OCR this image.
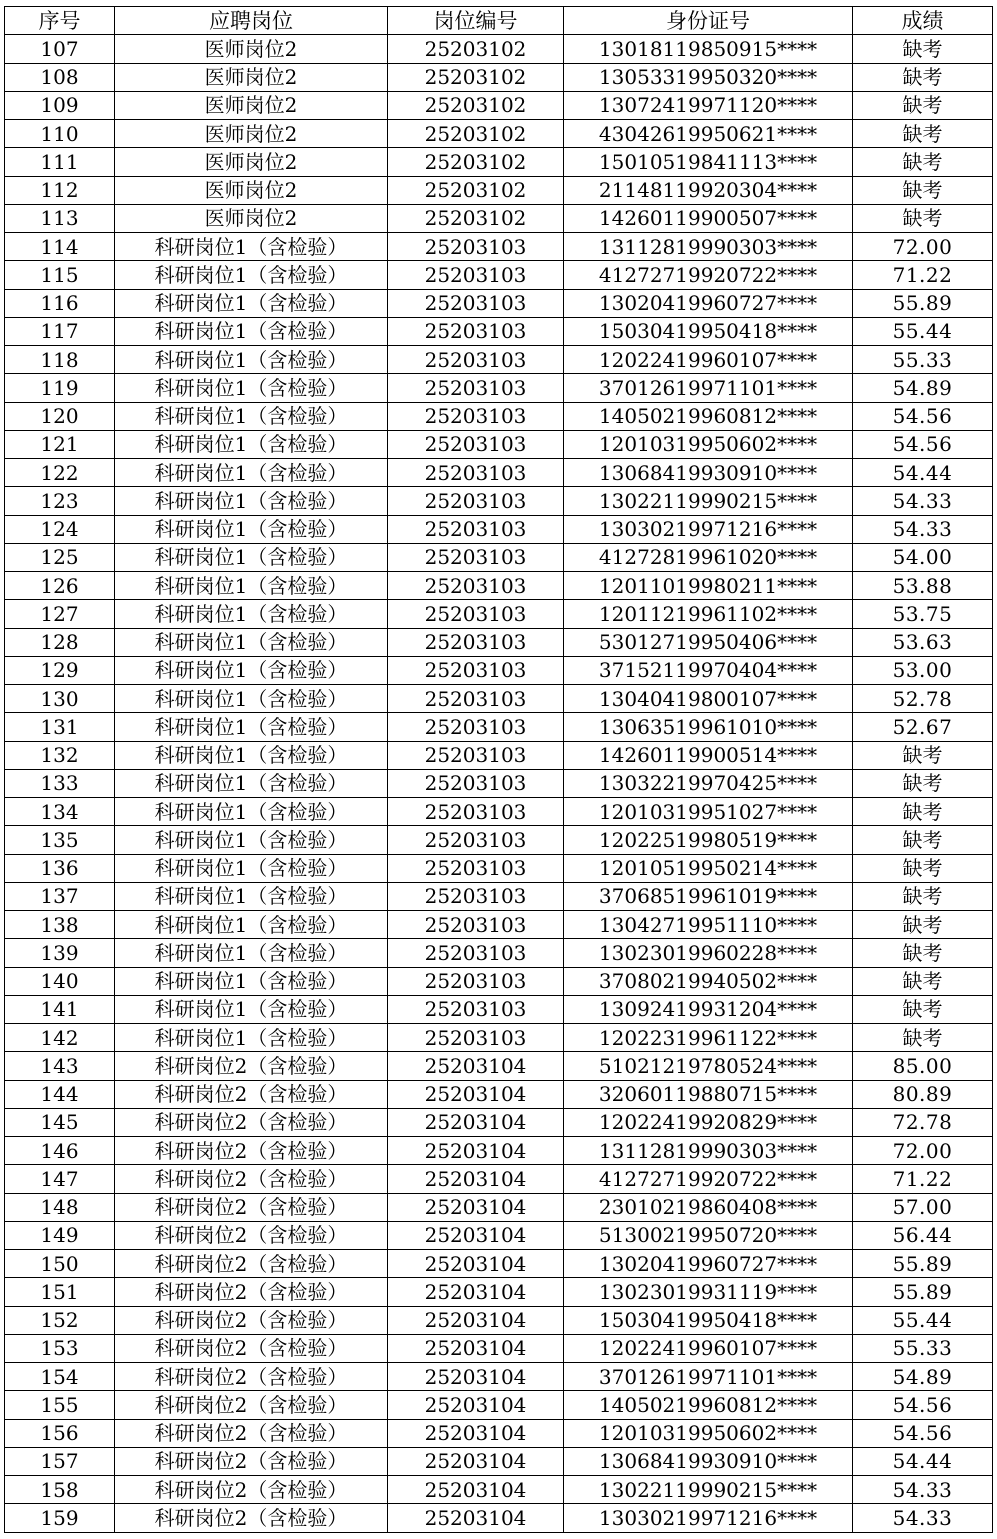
序号	应聘岗位	岗位编号	身份证号	成绩
107	医师岗位2	25203102	13018119850915****	缺考
108	医师岗位2	25203102	13053319950320****	缺考
109	医师岗位2	25203102	13072419971120****	缺考
110	医师岗位2	25203102	43042619950621****	缺考
111	医师岗位2	25203102	15010519841113****	缺考
112	医师岗位2	25203102	21148119920304****	缺考
113	医师岗位2	25203102	14260119900507****	缺考
114	科研岗位1（含检验）	25203103	13112819990303****	72.00
115	科研岗位1（含检验）	25203103	41272719920722****	71.22
116	科研岗位1（含检验）	25203103	13020419960727****	55.89
117	科研岗位1（含检验）	25203103	15030419950418****	55.44
118	科研岗位1（含检验）	25203103	12022419960107****	55.33
119	科研岗位1（含检验）	25203103	37012619971101****	54.89
120	科研岗位1（含检验）	25203103	14050219960812****	54.56
121	科研岗位1（含检验）	25203103	12010319950602****	54.56
122	科研岗位1（含检验）	25203103	13068419930910****	54.44
123	科研岗位1（含检验）	25203103	13022119990215****	54.33
124	科研岗位1（含检验）	25203103	13030219971216****	54.33
125	科研岗位1（含检验）	25203103	41272819961020****	54.00
126	科研岗位1（含检验）	25203103	12011019980211****	53.88
127	科研岗位1（含检验）	25203103	12011219961102****	53.75
128	科研岗位1（含检验）	25203103	53012719950406****	53.63
129	科研岗位1（含检验）	25203103	37152119970404****	53.00
130	科研岗位1（含检验）	25203103	13040419800107****	52.78
131	科研岗位1（含检验）	25203103	13063519961010****	52.67
132	科研岗位1（含检验）	25203103	14260119900514****	缺考
133	科研岗位1（含检验）	25203103	13032219970425****	缺考
134	科研岗位1（含检验）	25203103	12010319951027****	缺考
135	科研岗位1（含检验）	25203103	12022519980519****	缺考
136	科研岗位1（含检验）	25203103	12010519950214****	缺考
137	科研岗位1（含检验）	25203103	37068519961019****	缺考
138	科研岗位1（含检验）	25203103	13042719951110****	缺考
139	科研岗位1（含检验）	25203103	13023019960228****	缺考
140	科研岗位1（含检验）	25203103	37080219940502****	缺考
141	科研岗位1（含检验）	25203103	13092419931204****	缺考
142	科研岗位1（含检验）	25203103	12022319961122****	缺考
143	科研岗位2（含检验）	25203104	51021219780524****	85.00
144	科研岗位2（含检验）	25203104	32060119880715****	80.89
145	科研岗位2（含检验）	25203104	12022419920829****	72.78
146	科研岗位2（含检验）	25203104	13112819990303****	72.00
147	科研岗位2（含检验）	25203104	41272719920722****	71.22
148	科研岗位2（含检验）	25203104	23010219860408****	57.00
149	科研岗位2（含检验）	25203104	51300219950720****	56.44
150	科研岗位2（含检验）	25203104	13020419960727****	55.89
151	科研岗位2（含检验）	25203104	13023019931119****	55.89
152	科研岗位2（含检验）	25203104	15030419950418****	55.44
153	科研岗位2（含检验）	25203104	12022419960107****	55.33
154	科研岗位2（含检验）	25203104	37012619971101****	54.89
155	科研岗位2（含检验）	25203104	14050219960812****	54.56
156	科研岗位2（含检验）	25203104	12010319950602****	54.56
157	科研岗位2（含检验）	25203104	13068419930910****	54.44
158	科研岗位2（含检验）	25203104	13022119990215****	54.33
159	科研岗位2（含检验）	25203104	13030219971216****	54.33
